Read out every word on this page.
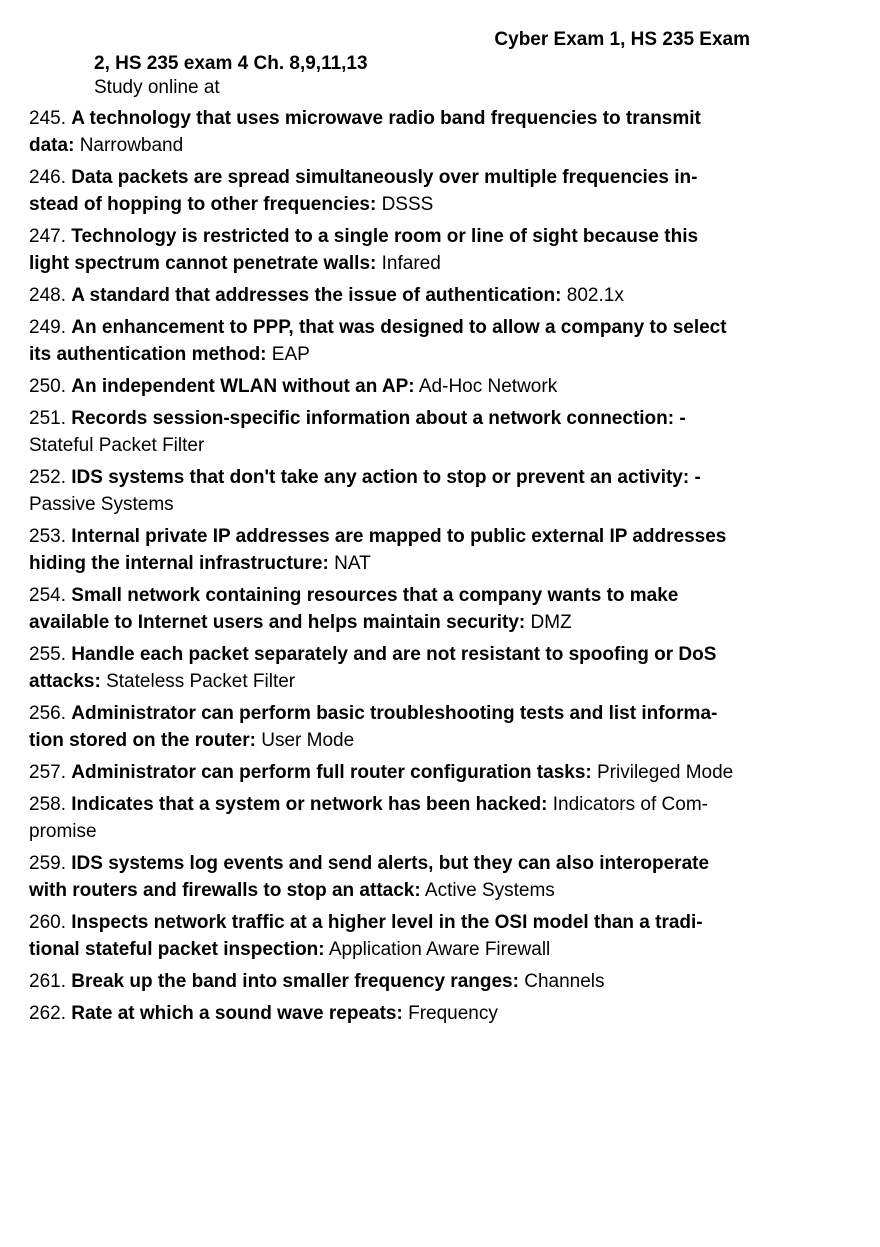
Cyber Exam 1, HS 235 Exam
2, HS 235 exam 4 Ch. 8,9,11,13
Study online at
245. A technology that uses microwave radio band frequencies to transmit data: Narrowband
246. Data packets are spread simultaneously over multiple frequencies in-stead of hopping to other frequencies: DSSS
247. Technology is restricted to a single room or line of sight because this light spectrum cannot penetrate walls: Infared
248. A standard that addresses the issue of authentication: 802.1x
249. An enhancement to PPP, that was designed to allow a company to select its authentication method: EAP
250. An independent WLAN without an AP: Ad-Hoc Network
251. Records session-specific information about a network connection: - Stateful Packet Filter
252. IDS systems that don't take any action to stop or prevent an activity: - Passive Systems
253. Internal private IP addresses are mapped to public external IP addresses hiding the internal infrastructure: NAT
254. Small network containing resources that a company wants to make available to Internet users and helps maintain security: DMZ
255. Handle each packet separately and are not resistant to spoofing or DoS attacks: Stateless Packet Filter
256. Administrator can perform basic troubleshooting tests and list informa-tion stored on the router: User Mode
257. Administrator can perform full router configuration tasks: Privileged Mode
258. Indicates that a system or network has been hacked: Indicators of Com-promise
259. IDS systems log events and send alerts, but they can also interoperate with routers and firewalls to stop an attack: Active Systems
260. Inspects network traffic at a higher level in the OSI model than a tradi-tional stateful packet inspection: Application Aware Firewall
261. Break up the band into smaller frequency ranges: Channels
262. Rate at which a sound wave repeats: Frequency
